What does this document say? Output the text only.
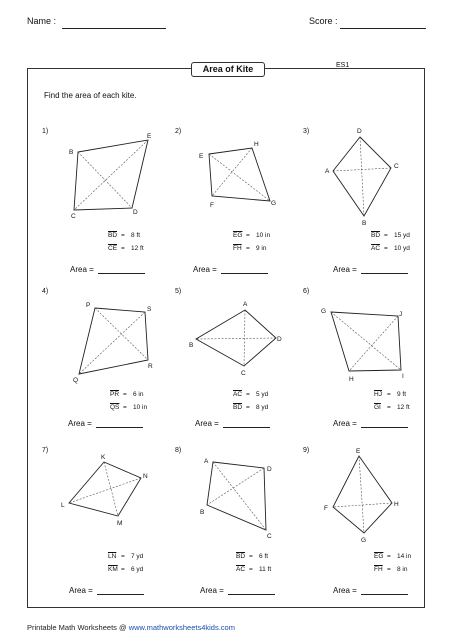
Name :	Score :
Area of Kite	ES1
Find the area of each kite.
1)
B
E
D
C
$\overline{BD} = 8$ ft
$\overline{CE} = 12$ ft
Area =
2)
E
H
G
F
$\overline{EG} = 10$ in
$\overline{FH} = 9$ in
Area =
3)	D
C
B
A
$\overline{BD} = 15$ yd
$\overline{AC} = 10$ yd
Area =
4)
P
S
R
Q
$\overline{PR} = 6$ in
$\overline{QS} = 10$ in
Area =
5)
A
D
C
B
$\overline{AC} = 5$ yd
$\overline{BD} = 8$ yd
Area =
6)
G	J
I
H
$\overline{HJ} = 9$ ft
$\overline{GI} = 12$ ft
Area =
7)
K
N
M
L
$\overline{LN} = 7$ yd
$\overline{KM} = 6$ yd
Area =
8)
A
D
C
B
$\overline{BD} = 6$ ft
$\overline{AC} = 11$ ft
Area =
9)	E
H
G
F
$\overline{EG} = 14$ in
$\overline{FH} = 8$ in
Area =
Printable Math Worksheets @ www.mathworksheets4kids.com
